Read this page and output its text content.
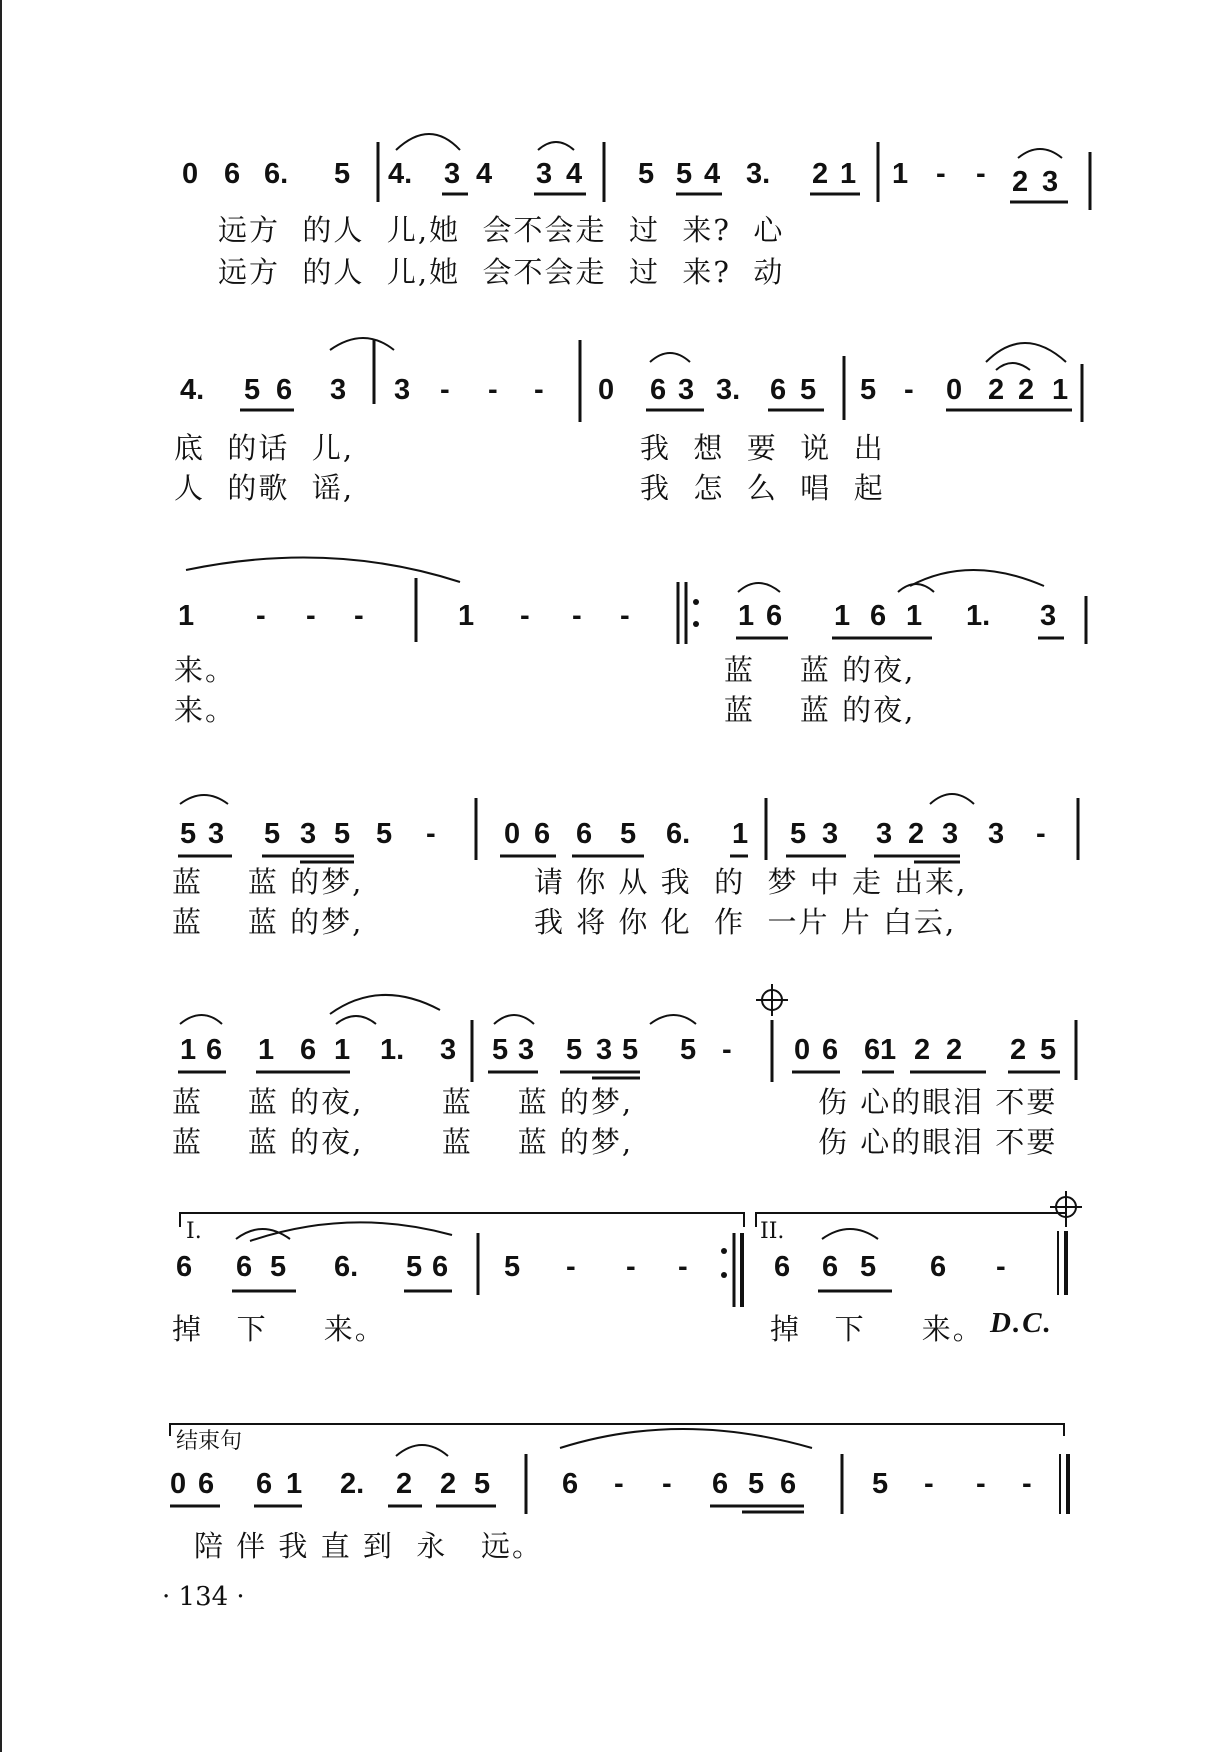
0 6 6. 5 4. 3 4 3 4 5 5 4 3. 2 1 1 - - 2 3
远方  的人  儿,她  会不会走  过  来?  心
远方  的人  儿,她  会不会走  过  来?  动
4. 5 6 3 3 - - - 0 6 3 3. 6 5 5 - 0 2 2 1
底  的话  儿,	我  想  要  说  出
人  的歌  谣,	我  怎  么  唱  起
1 - - -	1 - - -	1 6 1 6 1 1. 3
来。	蓝    蓝 的夜,
来。	蓝    蓝 的夜,
5 3 5 3 5 5 - 0 6 6 5 6. 1 5 3 3 2 3 3 -
蓝    蓝 的梦,	请 你 从 我  的  梦 中 走 出来,
蓝    蓝 的梦,	我 将 你 化  作  一片 片 白云,
1 6 1 6 1 1. 3 5 3 5 3 5 5 - 0 6 6 1 2 2 2 5
蓝    蓝 的夜,       蓝    蓝 的梦,	伤 心的眼泪 不要
蓝    蓝 的夜,       蓝    蓝 的梦,	伤 心的眼泪 不要
I.	II.
6 6 5 6. 5 6 5 - - -	6 6 5 6 -
掉   下     来。	掉   下     来。 D.C.
结束句
0 6 6 1 2. 2 2 5 6 - - 6 5 6	5 - - -
陪 伴 我 直 到  永   远。
· 134 ·
